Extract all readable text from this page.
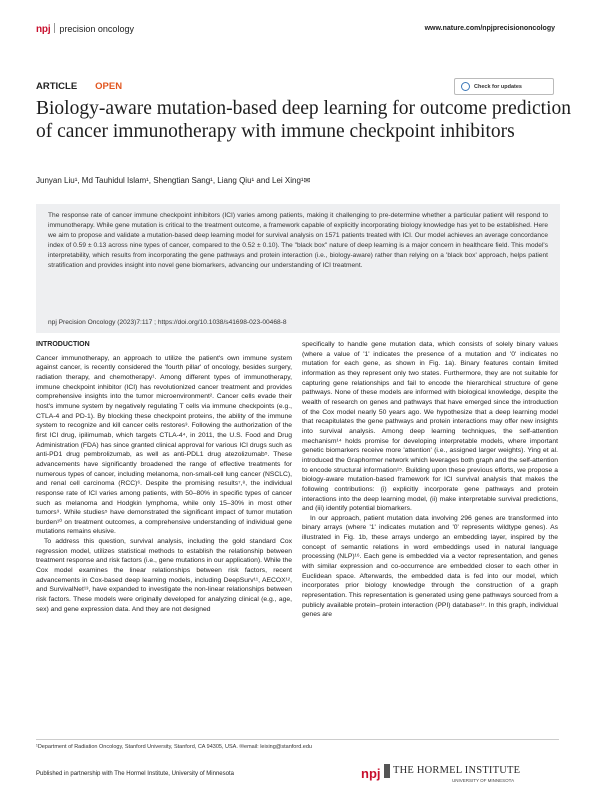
npj precision oncology	www.nature.com/npjprecisiononcology
ARTICLE OPEN	Check for updates
Biology-aware mutation-based deep learning for outcome prediction of cancer immunotherapy with immune checkpoint inhibitors
Junyan Liu¹, Md Tauhidul Islam¹, Shengtian Sang¹, Liang Qiu¹ and Lei Xing¹✉
The response rate of cancer immune checkpoint inhibitors (ICI) varies among patients, making it challenging to pre-determine whether a particular patient will respond to immunotherapy. While gene mutation is critical to the treatment outcome, a framework capable of explicitly incorporating biology knowledge has yet to be established. Here we aim to propose and validate a mutation-based deep learning model for survival analysis on 1571 patients treated with ICI. Our model achieves an average concordance index of 0.59 ± 0.13 across nine types of cancer, compared to the 0.52 ± 0.10). The "black box" nature of deep learning is a major concern in healthcare field. This model's interpretability, which results from incorporating the gene pathways and protein interaction (i.e., biology-aware) rather than relying on a 'black box' approach, helps patient stratification and provides insight into novel gene biomarkers, advancing our understanding of ICI treatment.
npj Precision Oncology (2023)7:117 ; https://doi.org/10.1038/s41698-023-00468-8
INTRODUCTION

Cancer immunotherapy, an approach to utilize the patient's own immune system against cancer, is recently considered the 'fourth pillar' of oncology, besides surgery, radiation therapy, and chemotherapy¹. Among different types of immunotherapy, immune checkpoint inhibitor (ICI) has revolutionized cancer treatment and provides comprehensive insights into the tumor microenvironment². Cancer cells evade their host's immune system by negatively regulating T cells via immune checkpoints (e.g., CTLA-4 and PD-1). By blocking these checkpoint proteins, the ability of the immune system to recognize and kill cancer cells restores³. Following the authorization of the first ICI drug, ipilimumab, which targets CTLA-4⁴, in 2011, the U.S. Food and Drug Administration (FDA) has since granted clinical approval for various ICI drugs such as anti-PD1 drug pembrolizumab, as well as anti-PDL1 drug atezolizumab⁵. These advancements have significantly broadened the range of effective treatments for numerous types of cancer, including melanoma, non-small-cell lung cancer (NSCLC), and renal cell carcinoma (RCC)⁶. Despite the promising results⁷,⁸, the individual response rate of ICI varies among patients, with 50–80% in specific types of cancer such as melanoma and Hodgkin lymphoma, while only 15–30% in most other tumors⁹. While studies⁵ have demonstrated the significant impact of tumor mutation burden¹⁰ on treatment outcomes, a comprehensive understanding of individual gene mutations remains elusive.

To address this question, survival analysis, including the gold standard Cox regression model, utilizes statistical methods to establish the relationship between treatment response and risk factors (i.e., gene mutations in our application). While the Cox model examines the linear relationships between risk factors, recent advancements in Cox-based deep learning models, including DeepSurv¹¹, AECOX¹², and SurvivalNet¹³, have expanded to investigate the non-linear relationships between risk factors. These models were originally developed for analyzing clinical (e.g., age, sex) and gene expression data. And they are not designed

specifically to handle gene mutation data, which consists of solely binary values (where a value of '1' indicates the presence of a mutation and '0' indicates no mutation for each gene, as shown in Fig. 1a). Binary features contain limited information as they represent only two states. Furthermore, they are not suitable for capturing gene relationships and fail to encode the hierarchical structure of gene pathways. None of these models are informed with biological knowledge, despite the wealth of research on genes and pathways that have emerged since the introduction of the Cox model nearly 50 years ago. We hypothesize that a deep learning model that recapitulates the gene pathways and protein interactions may offer new insights into survival analysis. Among deep learning techniques, the self-attention mechanism¹⁴ holds promise for developing interpretable models, where important genetic biomarkers receive more 'attention' (i.e., assigned larger weights). Ying et al. introduced the Graphormer network which leverages both graph and the self-attention to encode structural information¹⁵. Building upon these previous efforts, we propose a biology-aware mutation-based framework for ICI survival analysis that makes the following contributions: (i) explicitly incorporate gene pathways and protein interactions into the deep learning model, (ii) make interpretable survival predictions, and (iii) identify potential biomarkers.

In our approach, patient mutation data involving 296 genes are transformed into binary arrays (where '1' indicates mutation and '0' represents wildtype genes). As illustrated in Fig. 1b, these arrays undergo an embedding layer, inspired by the concept of semantic relations in word embeddings used in natural language processing (NLP)¹⁶. Each gene is embedded via a vector representation, and genes with similar expression and co-occurrence are embedded closer to each other in Euclidean space. Afterwards, the embedded data is fed into our model, which incorporates prior biology knowledge through the construction of a graph representation. This representation is generated using gene pathways sourced from a publicly available protein–protein interaction (PPI) database¹⁷. In this graph, individual genes are

¹Department of Radiation Oncology, Stanford University, Stanford, CA 94305, USA. ✉email: leixing@stanford.edu
Published in partnership with The Hormel Institute, University of Minnesota	npj THE HORMEL INSTITUTE
UNIVERSITY OF MINNESOTA
